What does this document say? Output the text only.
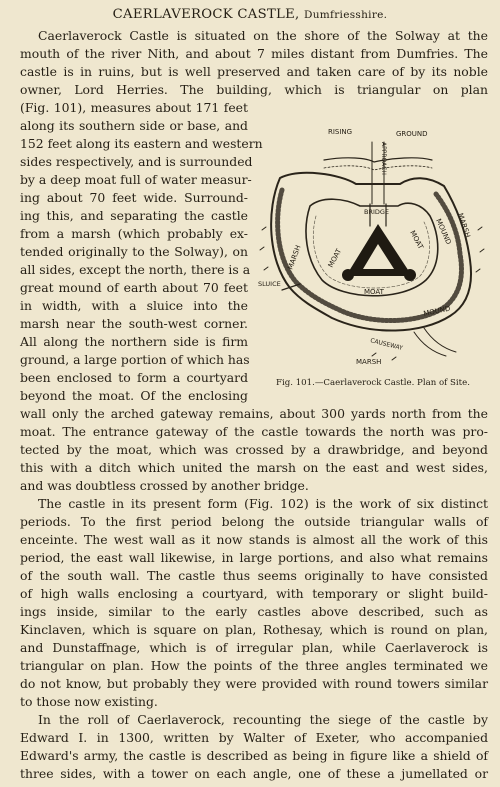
CAERLAVEROCK CASTLE, Dumfriesshire.
Caerlaverock Castle is situated on the shore of the Solway at the
mouth of the river Nith, and about 7 miles distant from Dumfries. The
castle is in ruins, but is well preserved and taken care of by its noble
owner, Lord Herries. The building, which is triangular on plan
(Fig. 101), measures about 171 feet
along its southern side or base, and
152 feet along its eastern and western
sides respectively, and is surrounded
by a deep moat full of water measur-
ing about 70 feet wide. Surround-
ing this, and separating the castle
from a marsh (which probably ex-
tended originally to the Solway), on
all sides, except the north, there is a
great mound of earth about 70 feet
in width, with a sluice into the
marsh near the south-west corner.
All along the northern side is firm
ground, a large portion of which has
been enclosed to form a courtyard
beyond the moat. Of the enclosing
wall only the arched gateway remains, about 300 yards north from the
moat. The entrance gateway of the castle towards the north was pro-
tected by the moat, which was crossed by a drawbridge, and beyond
this with a ditch which united the marsh on the east and west sides,
and was doubtless crossed by another bridge.
The castle in its present form (Fig. 102) is the work of six distinct
periods. To the first period belong the outside triangular walls of
enceinte. The west wall as it now stands is almost all the work of this
period, the east wall likewise, in large portions, and also what remains
of the south wall. The castle thus seems originally to have consisted
of high walls enclosing a courtyard, with temporary or slight build-
ings inside, similar to the early castles above described, such as
Kinclaven, which is square on plan, Rothesay, which is round on plan,
and Dunstaffnage, which is of irregular plan, while Caerlaverock is
triangular on plan. How the points of the three angles terminated we
do not know, but probably they were provided with round towers similar
to those now existing.
In the roll of Caerlaverock, recounting the siege of the castle by
Edward I. in 1300, written by Walter of Exeter, who accompanied
Edward's army, the castle is described as being in figure like a shield of
three sides, with a tower on each angle, one of these a jumellated or
RISING	GROUND
APPROACH
BRIDGE
MARSH	MOAT
MOAT MOUND MARSH
SLUICE
MOAT
MOUND
CAUSEWAY
MARSH
Fig. 101.—Caerlaverock Castle. Plan of Site.
